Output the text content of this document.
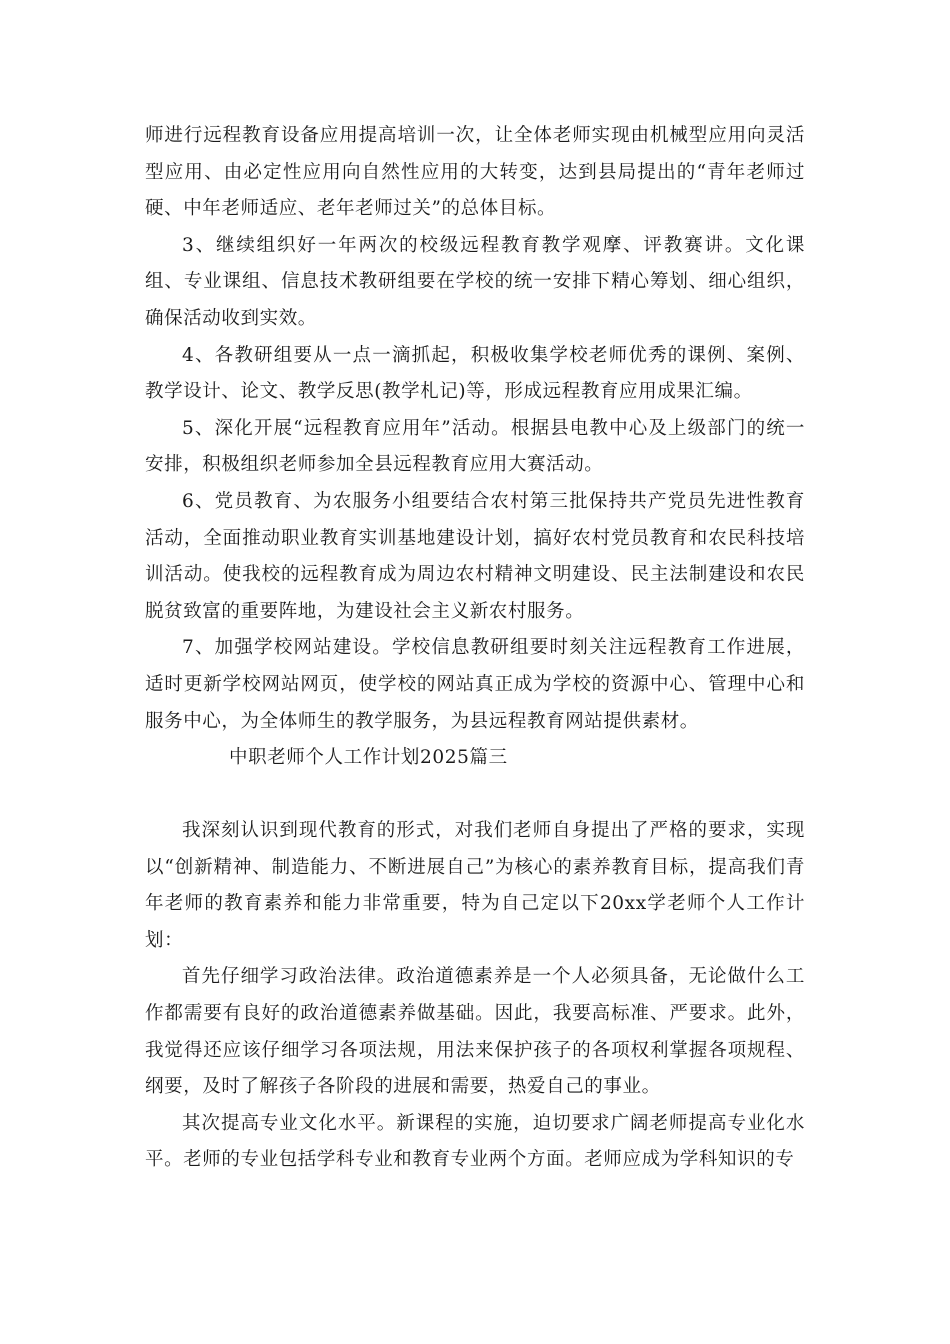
师进行远程教育设备应用提高培训一次，让全体老师实现由机械型应用向灵活型应用、由必定性应用向自然性应用的大转变，达到县局提出的“青年老师过硬、中年老师适应、老年老师过关”的总体目标。

3、继续组织好一年两次的校级远程教育教学观摩、评教赛讲。文化课组、专业课组、信息技术教研组要在学校的统一安排下精心筹划、细心组织，确保活动收到实效。

4、各教研组要从一点一滴抓起，积极收集学校老师优秀的课例、案例、教学设计、论文、教学反思(教学札记)等，形成远程教育应用成果汇编。

5、深化开展“远程教育应用年”活动。根据县电教中心及上级部门的统一安排，积极组织老师参加全县远程教育应用大赛活动。

6、党员教育、为农服务小组要结合农村第三批保持共产党员先进性教育活动，全面推动职业教育实训基地建设计划，搞好农村党员教育和农民科技培训活动。使我校的远程教育成为周边农村精神文明建设、民主法制建设和农民脱贫致富的重要阵地，为建设社会主义新农村服务。

7、加强学校网站建设。学校信息教研组要时刻关注远程教育工作进展，适时更新学校网站网页，使学校的网站真正成为学校的资源中心、管理中心和服务中心，为全体师生的教学服务，为县远程教育网站提供素材。

中职老师个人工作计划2025篇三

我深刻认识到现代教育的形式，对我们老师自身提出了严格的要求，实现以“创新精神、制造能力、不断进展自己”为核心的素养教育目标，提高我们青年老师的教育素养和能力非常重要，特为自己定以下20xx学老师个人工作计划：

首先仔细学习政治法律。政治道德素养是一个人必须具备，无论做什么工作都需要有良好的政治道德素养做基础。因此，我要高标准、严要求。此外，我觉得还应该仔细学习各项法规，用法来保护孩子的各项权利掌握各项规程、纲要，及时了解孩子各阶段的进展和需要，热爱自己的事业。

其次提高专业文化水平。新课程的实施，迫切要求广阔老师提高专业化水平。老师的专业包括学科专业和教育专业两个方面。老师应成为学科知识的专
